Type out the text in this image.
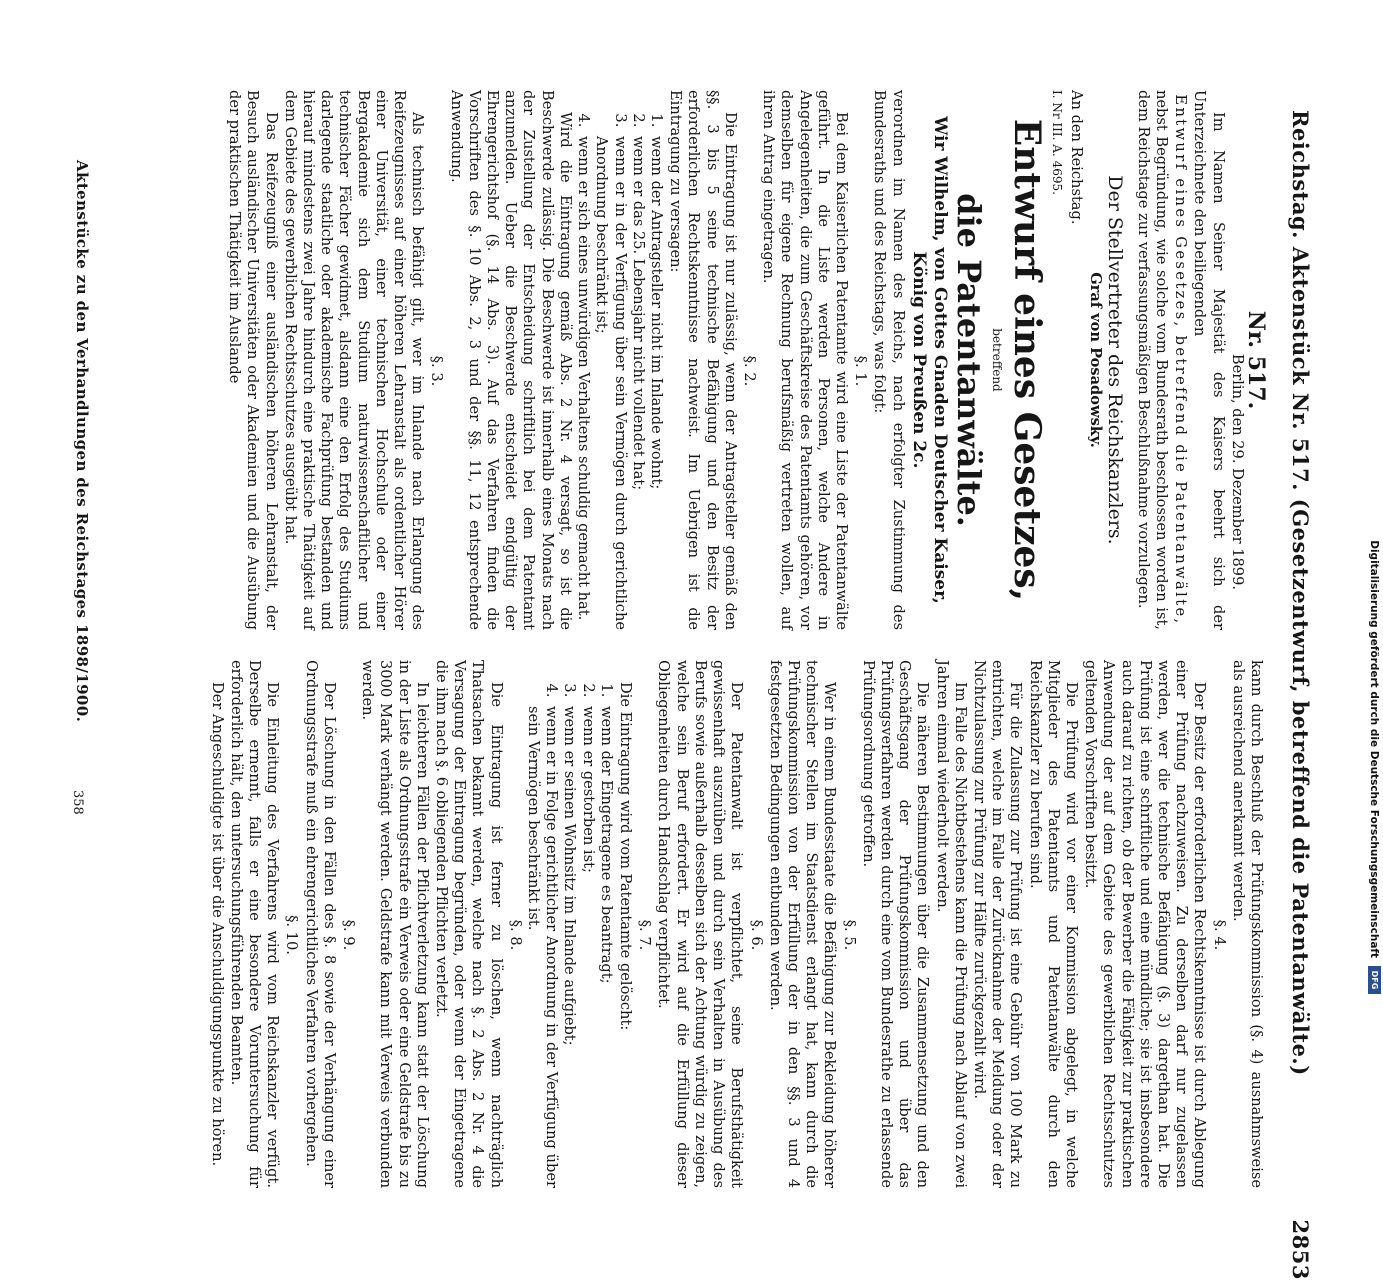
Digitalisierung gefördert durch die Deutsche Forschungsgemeinschaft
DFG
Reichstag. Aktenstück Nr. 517. (Gesetzentwurf, betreffend die Patentanwälte.)
2853

Nr. 517.

Berlin, den 29. Dezember 1899.

Im Namen Seiner Majestät des Kaisers beehrt sich der Unterzeichnete den beiliegenden

Entwurf eines Gesetzes, betreffend die Patentanwälte,

nebst Begründung, wie solche vom Bundesrath beschlossen worden ist, dem Reichstage zur verfassungsmäßigen Beschlußnahme vorzulegen.

Der Stellvertreter des Reichskanzlers.

Graf von Posadowsky.

An den Reichstag.

I. Nr III. A. 4695.

Entwurf eines Gesetzes,

betreffend

die Patentanwälte.

Wir Wilhelm, von Gottes Gnaden Deutscher Kaiser, König von Preußen 2c.

verordnen im Namen des Reichs, nach erfolgter Zustimmung des Bundesraths und des Reichstags, was folgt:

§. 1.

Bei dem Kaiserlichen Patentamte wird eine Liste der Patentanwälte geführt. In die Liste werden Personen, welche Andere in Angelegenheiten, die zum Geschäftskreise des Patentamts gehören, vor demselben für eigene Rechnung berufsmäßig vertreten wollen, auf ihren Antrag eingetragen.

§. 2.

Die Eintragung ist nur zulässig, wenn der Antragsteller gemäß den §§. 3 bis 5 seine technische Befähigung und den Besitz der erforderlichen Rechtskenntnisse nachweist. Im Uebrigen ist die Eintragung zu versagen:

1. wenn der Antragsteller nicht im Inlande wohnt;
2. wenn er das 25. Lebensjahr nicht vollendet hat;
3. wenn er in der Verfügung über sein Vermögen durch gerichtliche Anordnung beschränkt ist;
4. wenn er sich eines unwürdigen Verhaltens schuldig gemacht hat.

Wird die Eintragung gemäß Abs. 2 Nr. 4 versagt, so ist die Beschwerde zulässig. Die Beschwerde ist innerhalb eines Monats nach der Zustellung der Entscheidung schriftlich bei dem Patentamt anzumelden. Ueber die Beschwerde entscheidet endgültig der Ehrengerichtshof (§. 14 Abs. 3). Auf das Verfahren finden die Vorschriften des §. 10 Abs. 2, 3 und der §§. 11, 12 entsprechende Anwendung.

§. 3.

Als technisch befähigt gilt, wer im Inlande nach Erlangung des Reifezeugnisses auf einer höheren Lehranstalt als ordentlicher Hörer einer Universität, einer technischen Hochschule oder einer Bergakademie sich dem Studium naturwissenschaftlicher und technischer Fächer gewidmet, alsdann eine den Erfolg des Studiums darlegende staatliche oder akademische Fachprüfung bestanden und hierauf mindestens zwei Jahre hindurch eine praktische Thätigkeit auf dem Gebiete des gewerblichen Rechtsschutzes ausgeübt hat.

Das Reifezeugniß einer ausländischen höheren Lehranstalt, der Besuch ausländischer Universitäten oder Akademien und die Ausübung der praktischen Thätigkeit im Auslande

kann durch Beschluß der Prüfungskommission (§. 4) ausnahmsweise als ausreichend anerkannt werden.

§. 4.

Der Besitz der erforderlichen Rechtskenntnisse ist durch Ablegung einer Prüfung nachzuweisen. Zu derselben darf nur zugelassen werden, wer die technische Befähigung (§. 3) dargethan hat. Die Prüfung ist eine schriftliche und eine mündliche; sie ist insbesondere auch darauf zu richten, ob der Bewerber die Fähigkeit zur praktischen Anwendung der auf dem Gebiete des gewerblichen Rechtsschutzes geltenden Vorschriften besitzt.

Die Prüfung wird vor einer Kommission abgelegt, in welche Mitglieder des Patentamts und Patentanwälte durch den Reichskanzler zu berufen sind.

Für die Zulassung zur Prüfung ist eine Gebühr von 100 Mark zu entrichten, welche im Falle der Zurücknahme der Meldung oder der Nichtzulassung zur Prüfung zur Hälfte zurückgezahlt wird.

Im Falle des Nichtbestehens kann die Prüfung nach Ablauf von zwei Jahren einmal wiederholt werden.

Die näheren Bestimmungen über die Zusammensetzung und den Geschäftsgang der Prüfungskommission und über das Prüfungsverfahren werden durch eine vom Bundesrathe zu erlassende Prüfungsordnung getroffen.

§. 5.

Wer in einem Bundesstaate die Befähigung zur Bekleidung höherer technischer Stellen im Staatsdienst erlangt hat, kann durch die Prüfungskommission von der Erfüllung der in den §§. 3 und 4 festgesetzten Bedingungen entbunden werden.

§. 6.

Der Patentanwalt ist verpflichtet, seine Berufsthätigkeit gewissenhaft auszuüben und durch sein Verhalten in Ausübung des Berufs sowie außerhalb desselben sich der Achtung würdig zu zeigen, welche sein Beruf erfordert. Er wird auf die Erfüllung dieser Obliegenheiten durch Handschlag verpflichtet.

§. 7.

Die Eintragung wird vom Patentamte gelöscht:

1. wenn der Eingetragene es beantragt;
2. wenn er gestorben ist;
3. wenn er seinen Wohnsitz im Inlande aufgiebt;
4. wenn er in Folge gerichtlicher Anordnung in der Verfügung über sein Vermögen beschränkt ist.

§. 8.

Die Eintragung ist ferner zu löschen, wenn nachträglich Thatsachen bekannt werden, welche nach §. 2 Abs. 2 Nr. 4 die Versagung der Eintragung begründen, oder wenn der Eingetragene die ihm nach §. 6 obliegenden Pflichten verletzt.

In leichteren Fällen der Pflichtverletzung kann statt der Löschung in der Liste als Ordnungsstrafe ein Verweis oder eine Geldstrafe bis zu 3000 Mark verhängt werden. Geldstrafe kann mit Verweis verbunden werden.

§. 9.

Der Löschung in den Fällen des §. 8 sowie der Verhängung einer Ordnungsstrafe muß ein ehrengerichtliches Verfahren vorhergehen.

§. 10.

Die Einleitung des Verfahrens wird vom Reichskanzler verfügt. Derselbe ernennt, falls er eine besondere Voruntersuchung für erforderlich hält, den untersuchungsführenden Beamten.

Der Angeschuldigte ist über die Anschuldigungspunkte zu hören.

Aktenstücke zu den Verhandlungen des Reichstages 1898/1900.
358
